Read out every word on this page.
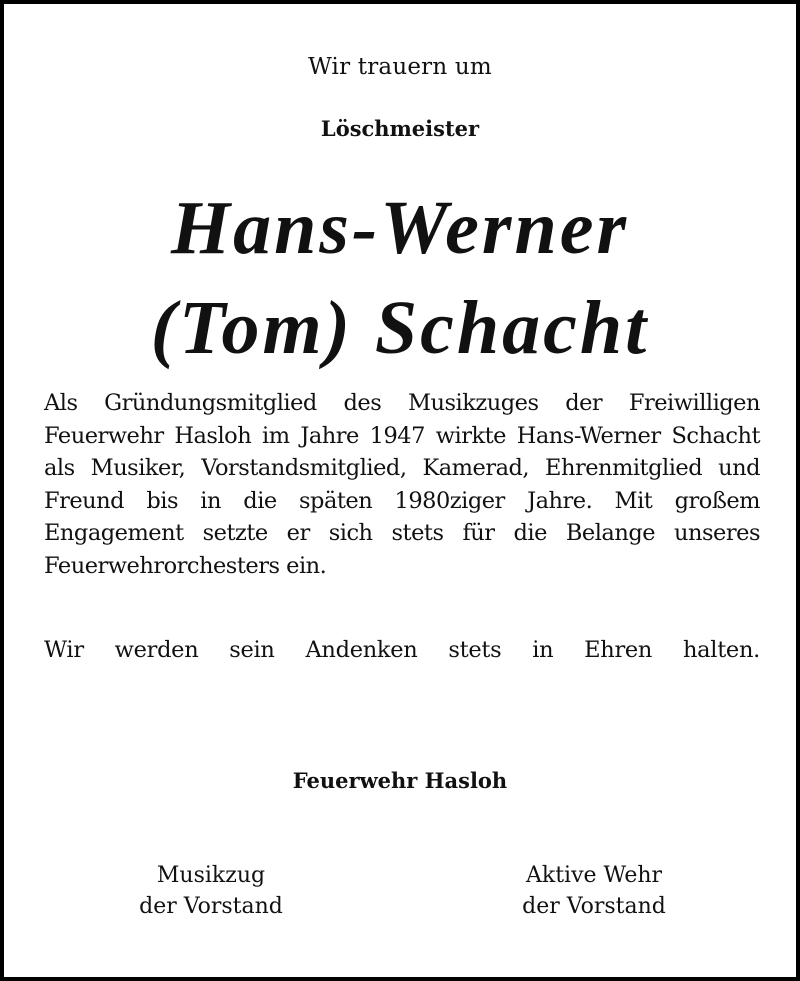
Wir trauern um
Löschmeister
Hans-Werner
(Tom) Schacht
Als Gründungsmitglied des Musikzuges der Freiwilligen Feuerwehr Hasloh im Jahre 1947 wirkte Hans-Werner Schacht als Musiker, Vorstandsmitglied, Kamerad, Ehrenmitglied und Freund bis in die späten 1980ziger Jahre. Mit großem Engagement setzte er sich stets für die Belange unseres Feuerwehrorchesters ein.
Wir werden sein Andenken stets in Ehren halten.
Feuerwehr Hasloh
Musikzug
der Vorstand
Aktive Wehr
der Vorstand
